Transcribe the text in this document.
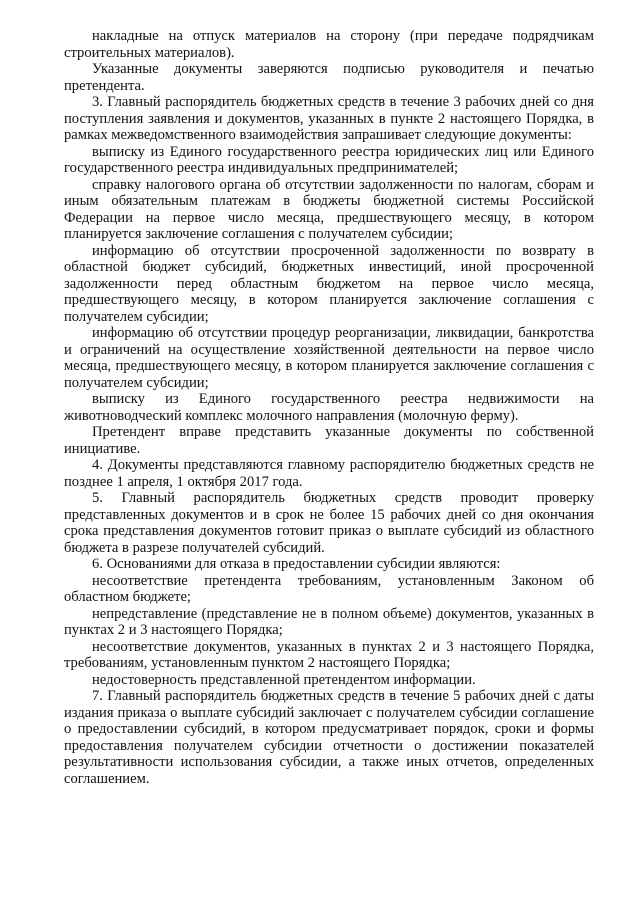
накладные на отпуск материалов на сторону (при передаче подрядчикам строительных материалов).

Указанные документы заверяются подписью руководителя и печатью претендента.

3. Главный распорядитель бюджетных средств в течение 3 рабочих дней со дня поступления заявления и документов, указанных в пункте 2 настоящего Порядка, в рамках межведомственного взаимодействия запрашивает следующие документы:

выписку из Единого государственного реестра юридических лиц или Единого государственного реестра индивидуальных предпринимателей;

справку налогового органа об отсутствии задолженности по налогам, сборам и иным обязательным платежам в бюджеты бюджетной системы Российской Федерации на первое число месяца, предшествующего месяцу, в котором планируется заключение соглашения с получателем субсидии;

информацию об отсутствии просроченной задолженности по возврату в областной бюджет субсидий, бюджетных инвестиций, иной просроченной задолженности перед областным бюджетом на первое число месяца, предшествующего месяцу, в котором планируется заключение соглашения с получателем субсидии;

информацию об отсутствии процедур реорганизации, ликвидации, банкротства и ограничений на осуществление хозяйственной деятельности на первое число месяца, предшествующего месяцу, в котором планируется заключение соглашения с получателем субсидии;

выписку из Единого государственного реестра недвижимости на животноводческий комплекс молочного направления (молочную ферму).

Претендент вправе представить указанные документы по собственной инициативе.

4. Документы представляются главному распорядителю бюджетных средств не позднее 1 апреля, 1 октября 2017 года.

5. Главный распорядитель бюджетных средств проводит проверку представленных документов и в срок не более 15 рабочих дней со дня окончания срока представления документов готовит приказ о выплате субсидий из областного бюджета в разрезе получателей субсидий.

6. Основаниями для отказа в предоставлении субсидии являются:

несоответствие претендента требованиям, установленным Законом об областном бюджете;

непредставление (представление не в полном объеме) документов, указанных в пунктах 2 и 3 настоящего Порядка;

несоответствие документов, указанных в пунктах 2 и 3 настоящего Порядка, требованиям, установленным пунктом 2 настоящего Порядка;

недостоверность представленной претендентом информации.

7. Главный распорядитель бюджетных средств в течение 5 рабочих дней с даты издания приказа о выплате субсидий заключает с получателем субсидии соглашение о предоставлении субсидий, в котором предусматривает порядок, сроки и формы предоставления получателем субсидии отчетности о достижении показателей результативности использования субсидии, а также иных отчетов, определенных соглашением.
